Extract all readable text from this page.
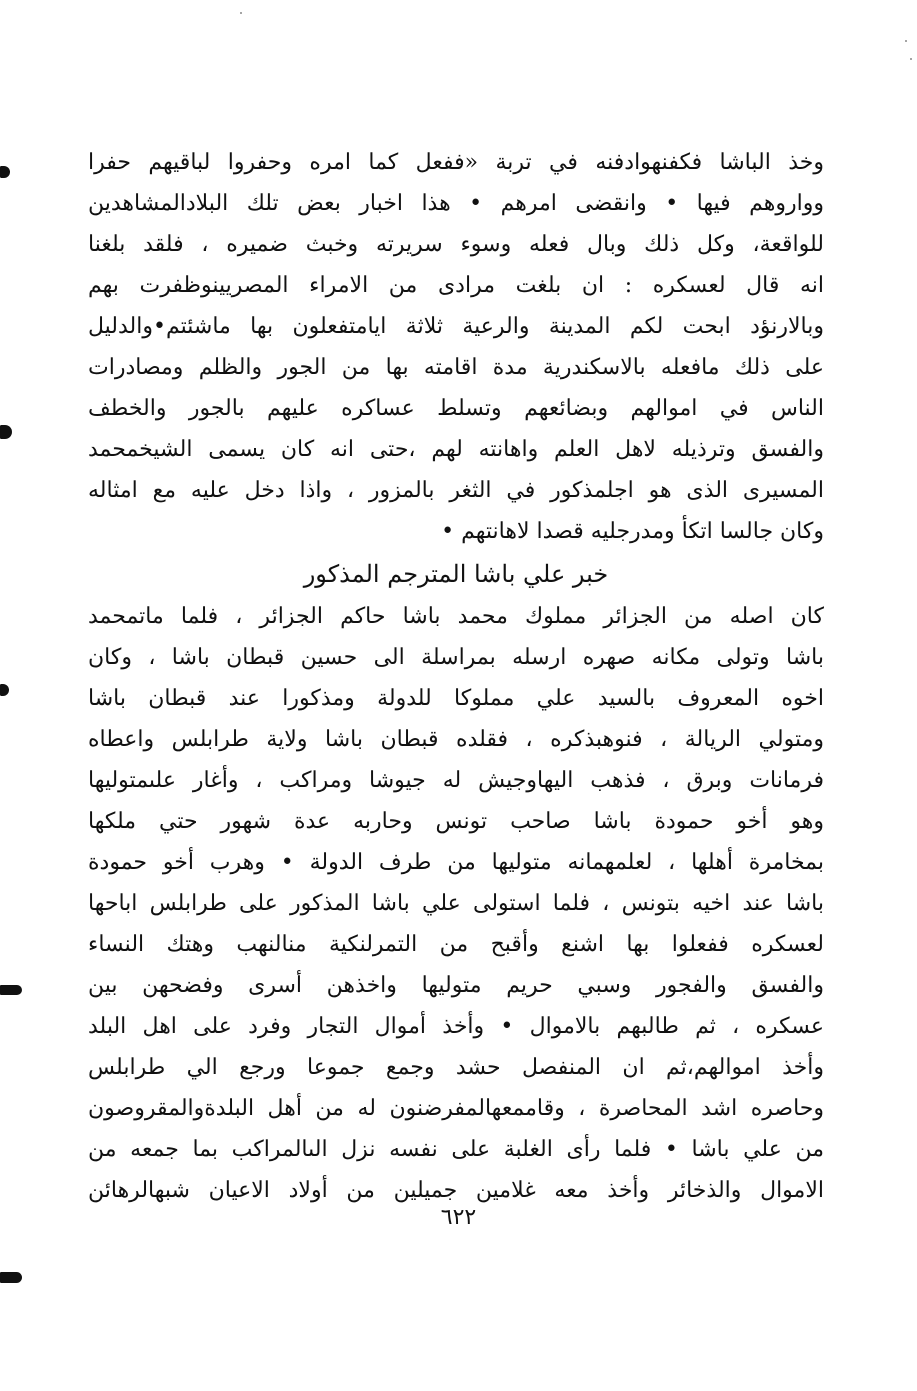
وخذ الباشا فكفنهوادفنه في تربة «ففعل كما امره وحفروا لباقيهم حفرا
وواروهم فيها • وانقضى امرهم • هذا اخبار بعض تلك البلادالمشاهدين
للواقعة، وكل ذلك وبال فعله وسوء سريرته وخبث ضميره ، فلقد بلغنا
انه قال لعسكره : ان بلغت مرادى من الامراء المصريينوظفرت بهم
وبالارنؤد ابحت لكم المدينة والرعية ثلاثة ايامتفعلون بها ماشئتم•والدليل
على ذلك مافعله بالاسكندرية مدة اقامته بها من الجور والظلم ومصادرات
الناس في اموالهم وبضائعهم وتسلط عساكره عليهم بالجور والخطف
والفسق وترذيله لاهل العلم واهانته لهم ،حتى انه كان يسمى الشيخمحمد
المسيرى الذى هو اجلمذكور في الثغر بالمزور ، واذا دخل عليه مع امثاله
وكان جالسا اتكأ ومدرجليه قصدا لاهانتهم •
خبر علي باشا المترجم المذكور
كان اصله من الجزائر مملوك محمد باشا حاكم الجزائر ، فلما ماتمحمد
باشا وتولى مكانه صهره ارسله بمراسلة الى حسين قبطان باشا ، وكان
اخوه المعروف بالسيد علي مملوكا للدولة ومذكورا عند قبطان باشا
ومتولي الريالة ، فنوهبذكره ، فقلده قبطان باشا ولاية طرابلس واعطاه
فرمانات وبرق ، فذهب اليهاوجيش له جيوشا ومراكب ، وأغار علىمتوليها
وهو أخو حمودة باشا صاحب تونس وحاربه عدة شهور حتي ملكها
بمخامرة أهلها ، لعلمهمانه متوليها من طرف الدولة • وهرب أخو حمودة
باشا عند اخيه بتونس ، فلما استولى علي باشا المذكور على طرابلس اباحها
لعسكره ففعلوا بها اشنع وأقبح من التمرلنكية منالنهب وهتك النساء
والفسق والفجور وسبي حريم متوليها واخذهن أسرى وفضحهن بين
عسكره ، ثم طالبهم بالاموال • وأخذ أموال التجار وفرد على اهل البلد
وأخذ اموالهم،ثم ان المنفصل حشد وجمع جموعا ورجع الي طرابلس
وحاصره اشد المحاصرة ، وقاممعهالمفرضنون له من أهل البلدةوالمقروصون
من علي باشا • فلما رأى الغلبة على نفسه نزل الىالمراكب بما جمعه من
الاموال والذخائر وأخذ معه غلامين جميلين من أولاد الاعيان شبهالرهائن
٦٢٢
